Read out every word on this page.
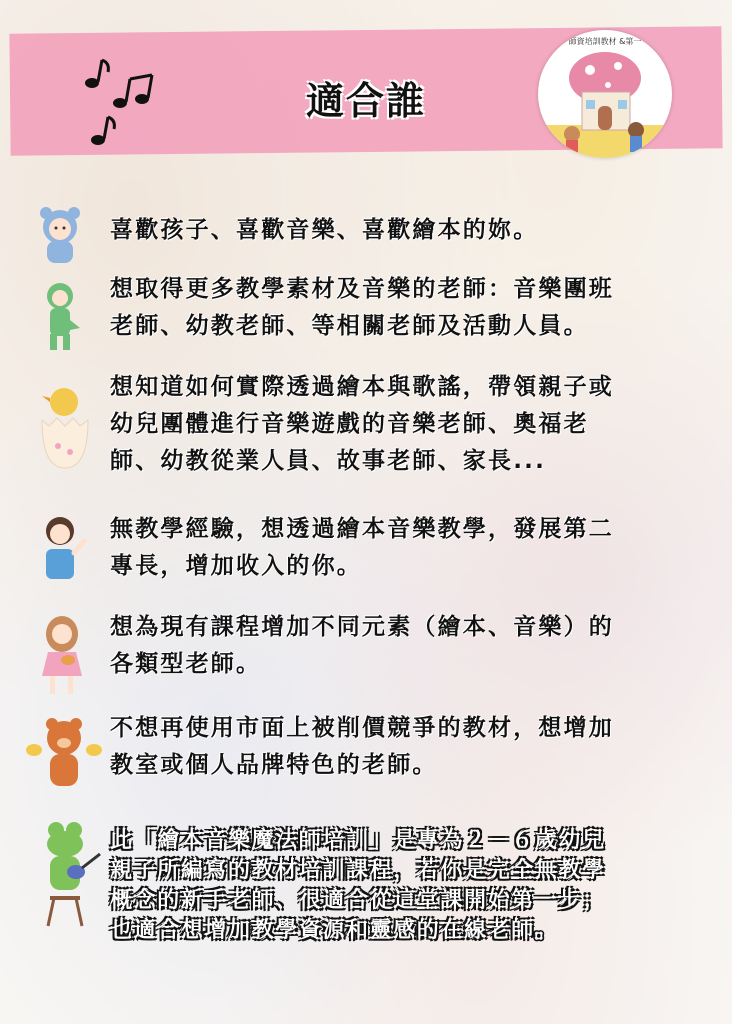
適合誰
師資培訓教材 &第一
喜歡孩子、喜歡音樂、喜歡繪本的妳。
想取得更多教學素材及音樂的老師：音樂團班
老師、幼教老師、等相關老師及活動人員。
想知道如何實際透過繪本與歌謠，帶領親子或
幼兒團體進行音樂遊戲的音樂老師、奧福老
師、幼教從業人員、故事老師、家長...
無教學經驗，想透過繪本音樂教學，發展第二
專長，增加收入的你。
想為現有課程增加不同元素（繪本、音樂）的
各類型老師。
不想再使用市面上被削價競爭的教材，想增加
教室或個人品牌特色的老師。
此「繪本音樂魔法師培訓」是專為２－６歲幼兒
親子所編寫的教材培訓課程，若你是完全無教學
概念的新手老師、很適合從這堂課開始第一步；
也適合想增加教學資源和靈感的在線老師。
